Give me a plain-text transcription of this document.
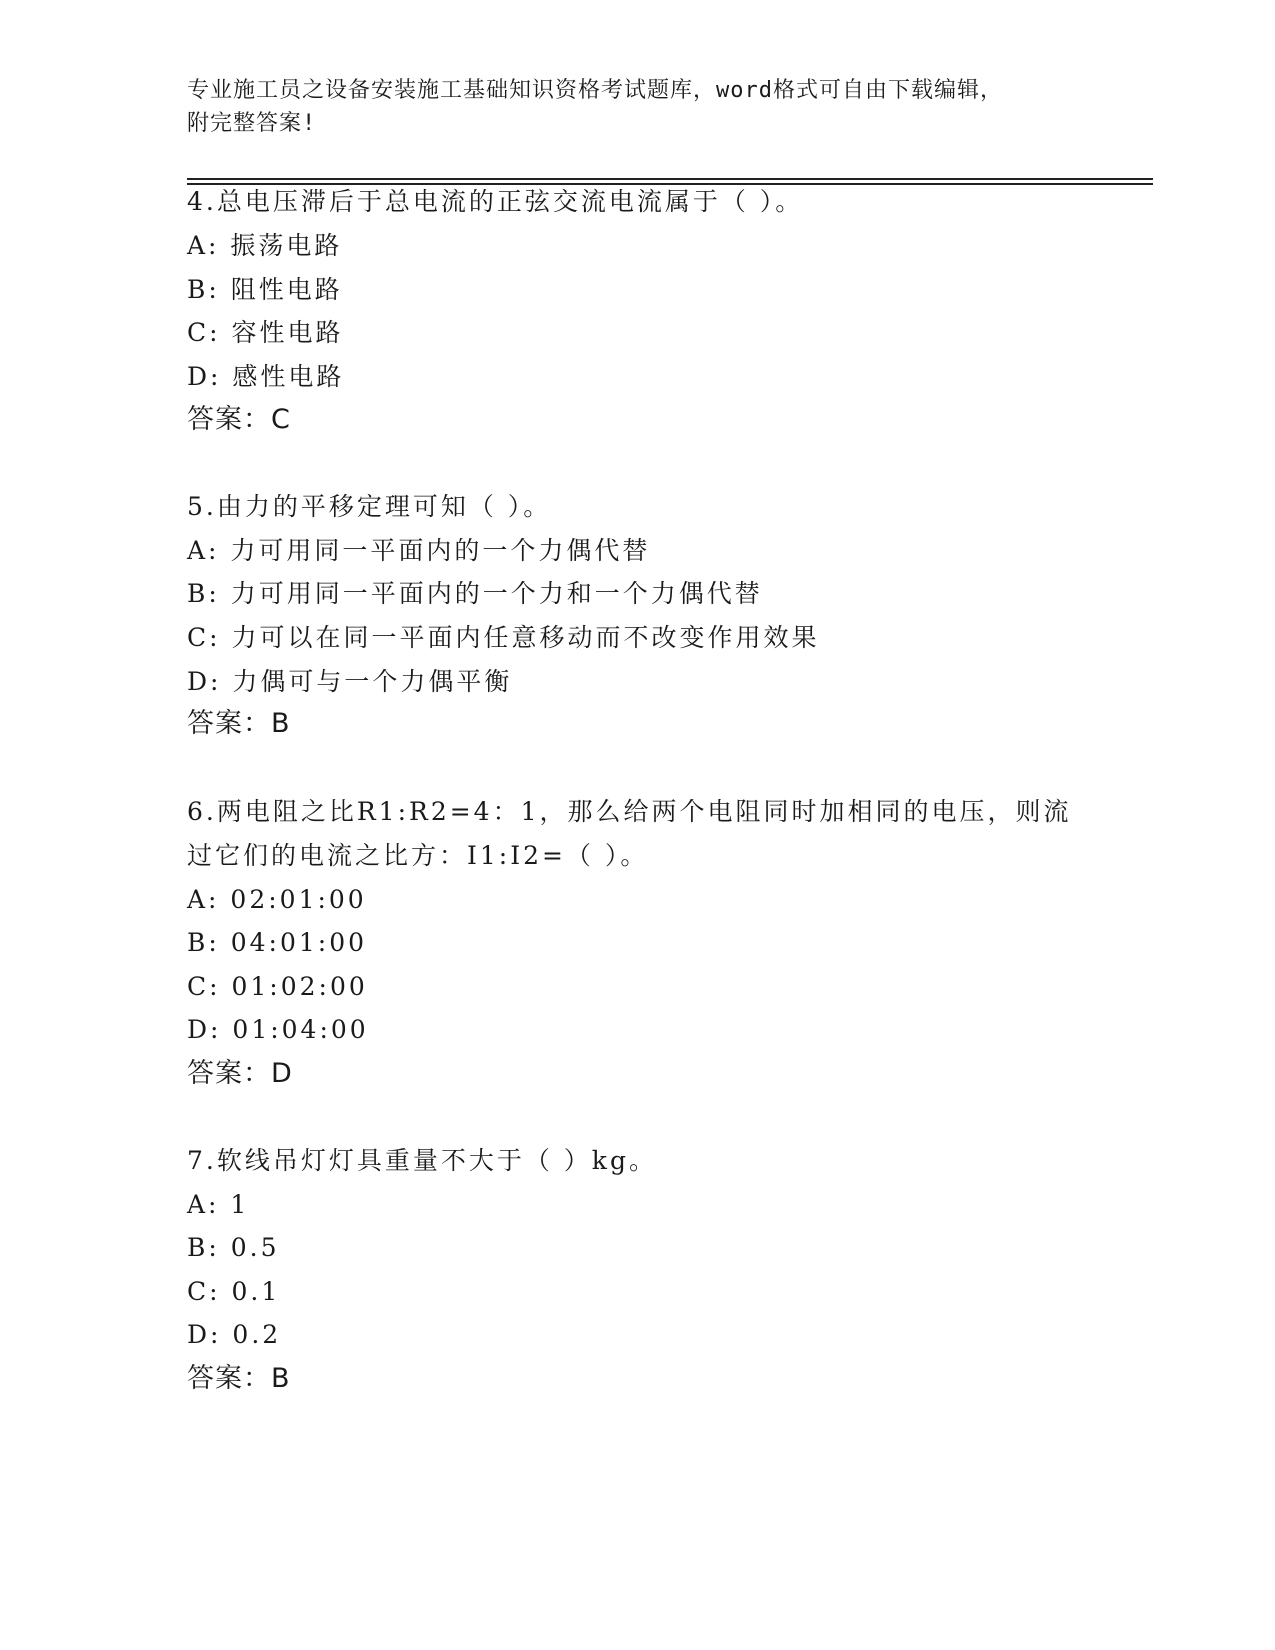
专业施工员之设备安装施工基础知识资格考试题库，word格式可自由下载编辑，
附完整答案!
4.总电压滞后于总电流的正弦交流电流属于（ ）。
A: 振荡电路
B: 阻性电路
C: 容性电路
D: 感性电路
答案：C
5.由力的平移定理可知（ ）。
A: 力可用同一平面内的一个力偶代替
B: 力可用同一平面内的一个力和一个力偶代替
C: 力可以在同一平面内任意移动而不改变作用效果
D: 力偶可与一个力偶平衡
答案：B
6.两电阻之比R1:R2=4：1，那么给两个电阻同时加相同的电压，则流
过它们的电流之比方：I1:I2=（ ）。
A: 02:01:00
B: 04:01:00
C: 01:02:00
D: 01:04:00
答案：D
7.软线吊灯灯具重量不大于（ ）kg。
A: 1
B: 0.5
C: 0.1
D: 0.2
答案：B
